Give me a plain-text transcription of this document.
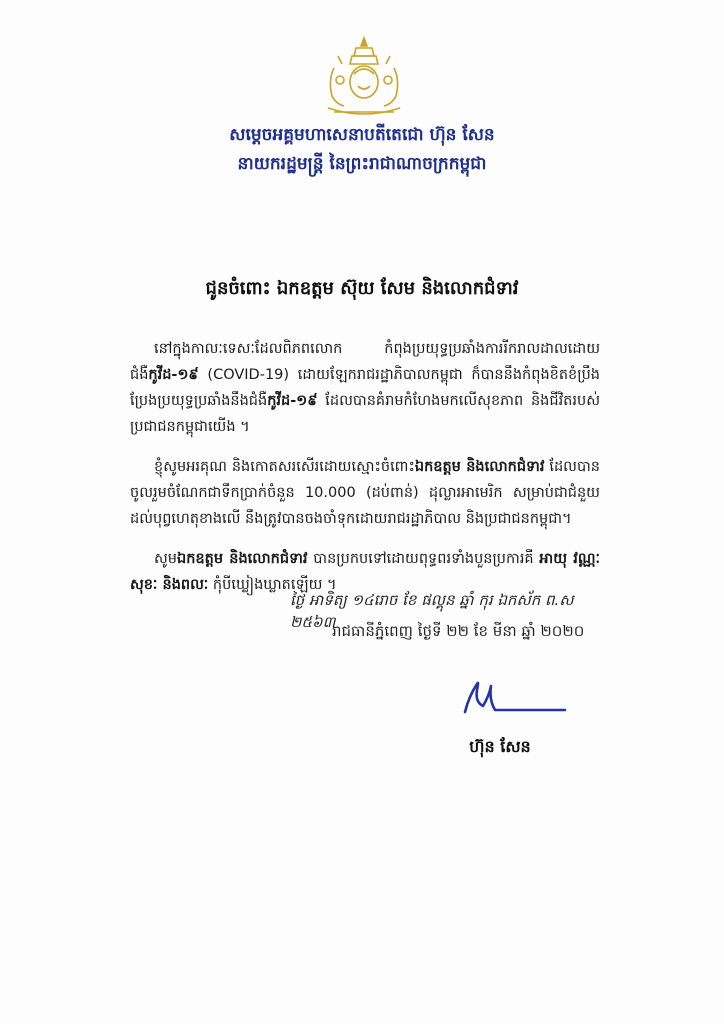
សម្ដេចអគ្គមហាសេនាបតីតេជោ ហ៊ុន សែន
នាយករដ្ឋមន្ត្រី នៃព្រះរាជាណាចក្រកម្ពុជា
ជូនចំពោះ ឯកឧត្ដម ស៊ុយ សែម និងលោកជំទាវ

នៅក្នុងកាលៈទេសៈដែលពិភពលោក កំពុងប្រយុទ្ធប្រឆាំងការរីករាលដាលដោយជំងឺកូវីដ-១៩ (COVID-19) ដោយឡែករាជរដ្ឋាភិបាលកម្ពុជា ក៏បាននឹងកំពុងខិតខំប្រឹងប្រែងប្រយុទ្ធប្រឆាំងនឹងជំងឺកូវីដ-១៩ ដែលបានគំរាមកំហែងមកលើសុខភាព និងជីវិតរបស់ប្រជាជនកម្ពុជាយើង ។

ខ្ញុំសូមអរគុណ និងកោតសរសើរដោយស្មោះចំពោះឯកឧត្ដម និងលោកជំទាវ ដែលបានចូលរួមចំណែកជាទឹកប្រាក់ចំនួន 10.000 (ដប់ពាន់) ដុល្លារអាមេរិក សម្រាប់ជាជំនួយដល់បុព្វហេតុខាងលើ នឹងត្រូវបានចងចាំទុកដោយរាជរដ្ឋាភិបាល និងប្រជាជនកម្ពុជា។

សូមឯកឧត្ដម និងលោកជំទាវ បានប្រកបទៅដោយពុទ្ធពរទាំងបួនប្រការគឺ អាយុ វណ្ណៈ សុខៈ និងពលៈ កុំបីឃ្លៀងឃ្លាតឡើយ ។

ថ្ងៃ អាទិត្យ ១៤រោច ខែ ផល្គុន ឆ្នាំ កុរ ឯកស័ក ព.ស ២៥៦៣
រាជធានីភ្នំពេញ ថ្ងៃទី ២២ ខែ មីនា ឆ្នាំ ២០២០
ហ៊ុន សែន
